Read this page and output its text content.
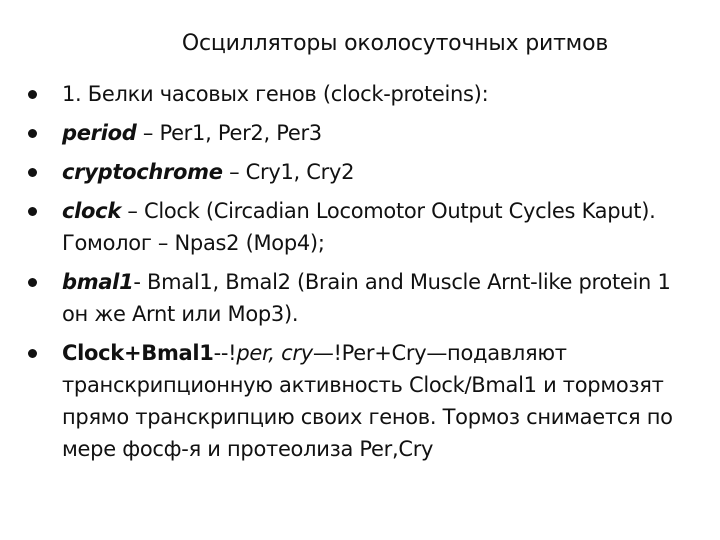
Осцилляторы околосуточных ритмов
1. Белки часовых генов (clock-proteins):
period – Per1, Per2, Per3
cryptochrome – Cry1, Cry2
clock – Clock (Circadian Locomotor Output Cycles Kaput). Гомолог – Npas2 (Mop4);
bmal1- Bmal1, Bmal2 (Brain and Muscle Arnt-like protein 1 он же Arnt или Mop3).
Clock+Bmal1--!per, cry—!Per+Cry—подавляют транскрипционную активность Clock/Bmal1 и тормозят прямо транскрипцию своих генов. Тормоз снимается по мере фосф-я и протеолиза Per,Cry
